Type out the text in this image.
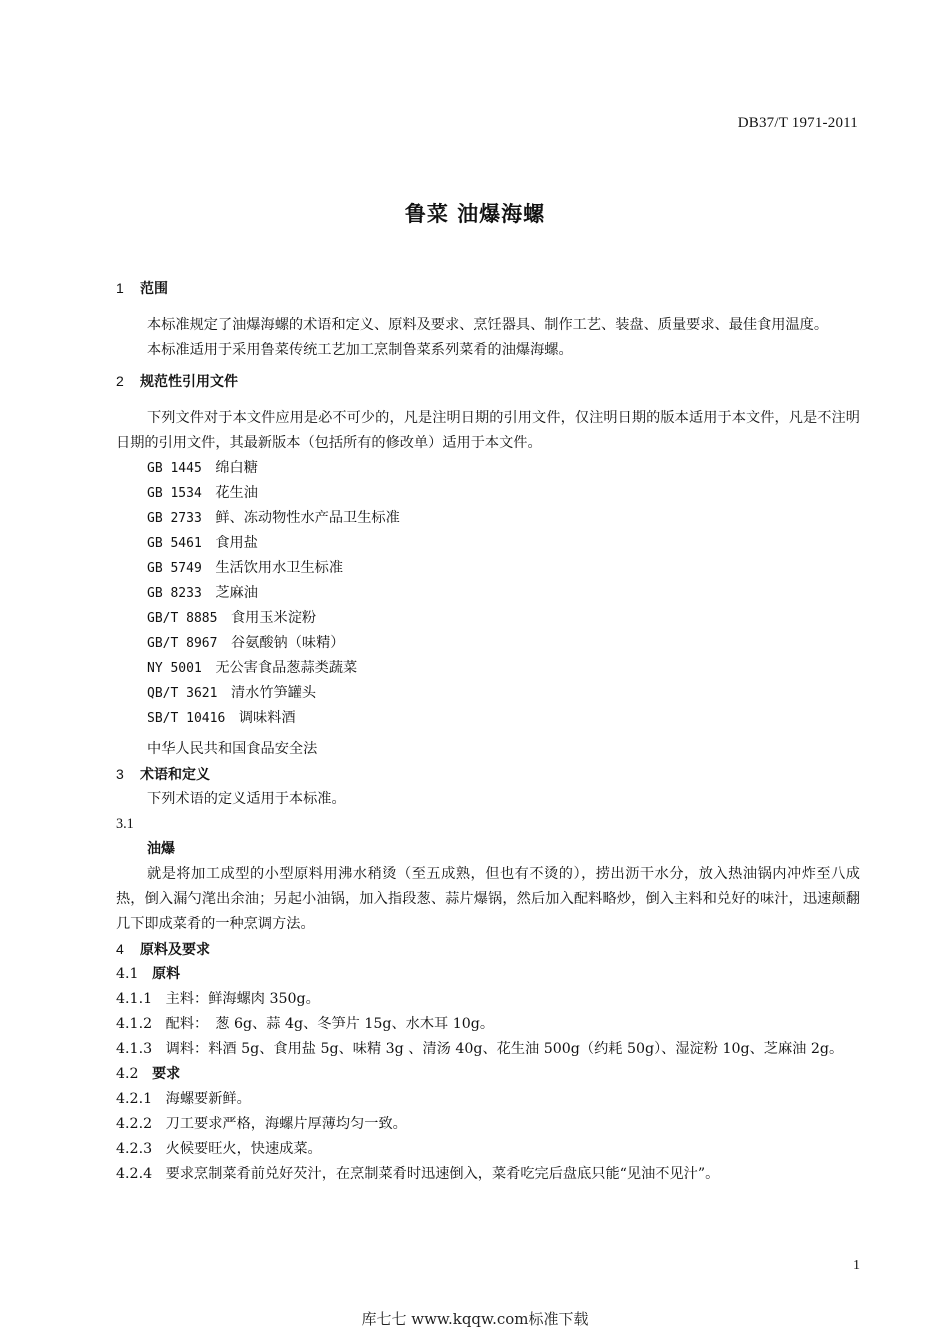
DB37/T 1971-2011
鲁菜 油爆海螺
1 范围
本标准规定了油爆海螺的术语和定义、原料及要求、烹饪器具、制作工艺、装盘、质量要求、最佳食用温度。
本标准适用于采用鲁菜传统工艺加工烹制鲁菜系列菜肴的油爆海螺。
2 规范性引用文件
下列文件对于本文件应用是必不可少的，凡是注明日期的引用文件，仅注明日期的版本适用于本文件，凡是不注明日期的引用文件，其最新版本（包括所有的修改单）适用于本文件。
GB 1445 绵白糖
GB 1534 花生油
GB 2733 鲜、冻动物性水产品卫生标准
GB 5461 食用盐
GB 5749 生活饮用水卫生标准
GB 8233 芝麻油
GB/T 8885 食用玉米淀粉
GB/T 8967 谷氨酸钠（味精）
NY 5001 无公害食品葱蒜类蔬菜
QB/T 3621 清水竹笋罐头
SB/T 10416 调味料酒
中华人民共和国食品安全法
3 术语和定义
下列术语的定义适用于本标准。
3.1
油爆
就是将加工成型的小型原料用沸水稍烫（至五成熟，但也有不烫的），捞出沥干水分，放入热油锅内冲炸至八成热，倒入漏勺滗出余油；另起小油锅，加入指段葱、蒜片爆锅，然后加入配料略炒，倒入主料和兑好的味汁，迅速颠翻几下即成菜肴的一种烹调方法。
4 原料及要求
4.1 原料
4.1.1 主料：鲜海螺肉 350g。
4.1.2 配料：　葱 6g、蒜 4g、冬笋片 15g、水木耳 10g。
4.1.3 调料：料酒 5g、食用盐 5g、味精 3g 、清汤 40g、花生油 500g（约耗 50g）、湿淀粉 10g、芝麻油 2g。
4.2 要求
4.2.1 海螺要新鲜。
4.2.2 刀工要求严格，海螺片厚薄均匀一致。
4.2.3 火候要旺火，快速成菜。
4.2.4 要求烹制菜肴前兑好芡汁，在烹制菜肴时迅速倒入，菜肴吃完后盘底只能“见油不见汁”。
1
库七七 www.kqqw.com标准下载
